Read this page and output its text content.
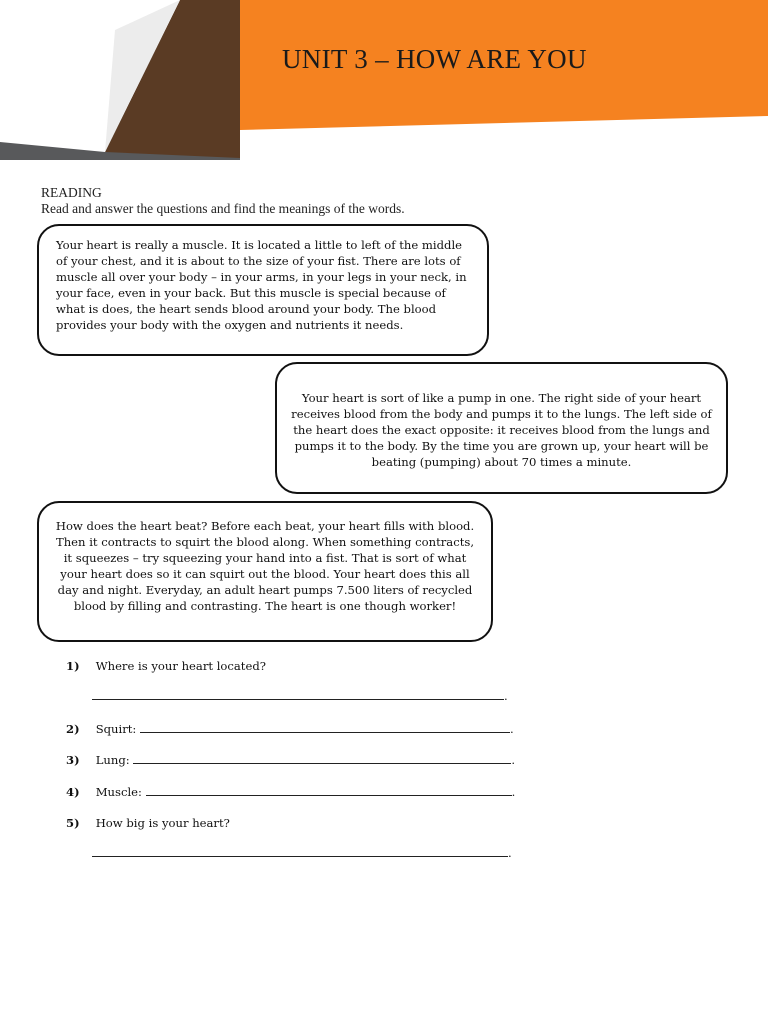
UNIT 3 – HOW ARE YOU
READING
Read and answer the questions and find the meanings of the words.

Your heart is really a muscle. It is located a little to left of the middle of your chest, and it is about to the size of your fist. There are lots of muscle all over your body – in your arms, in your legs in your neck, in your face, even in your back. But this muscle is special because of what is does, the heart sends blood around your body. The blood provides your body with the oxygen and nutrients it needs.

Your heart is sort of like a pump in one. The right side of your heart receives blood from the body and pumps it to the lungs. The left side of the heart does the exact opposite: it receives blood from the lungs and pumps it to the body. By the time you are grown up, your heart will be beating (pumping) about 70 times a minute.

How does the heart beat? Before each beat, your heart fills with blood. Then it contracts to squirt the blood along. When something contracts, it squeezes – try squeezing your hand into a fist. That is sort of what your heart does so it can squirt out the blood. Your heart does this all day and night. Everyday, an adult heart pumps 7.500 liters of recycled blood by filling and contrasting. The heart is one though worker!

1) Where is your heart located?
.
2) Squirt:	.
3) Lung:	.
4) Muscle:	.
5) How big is your heart?
.
